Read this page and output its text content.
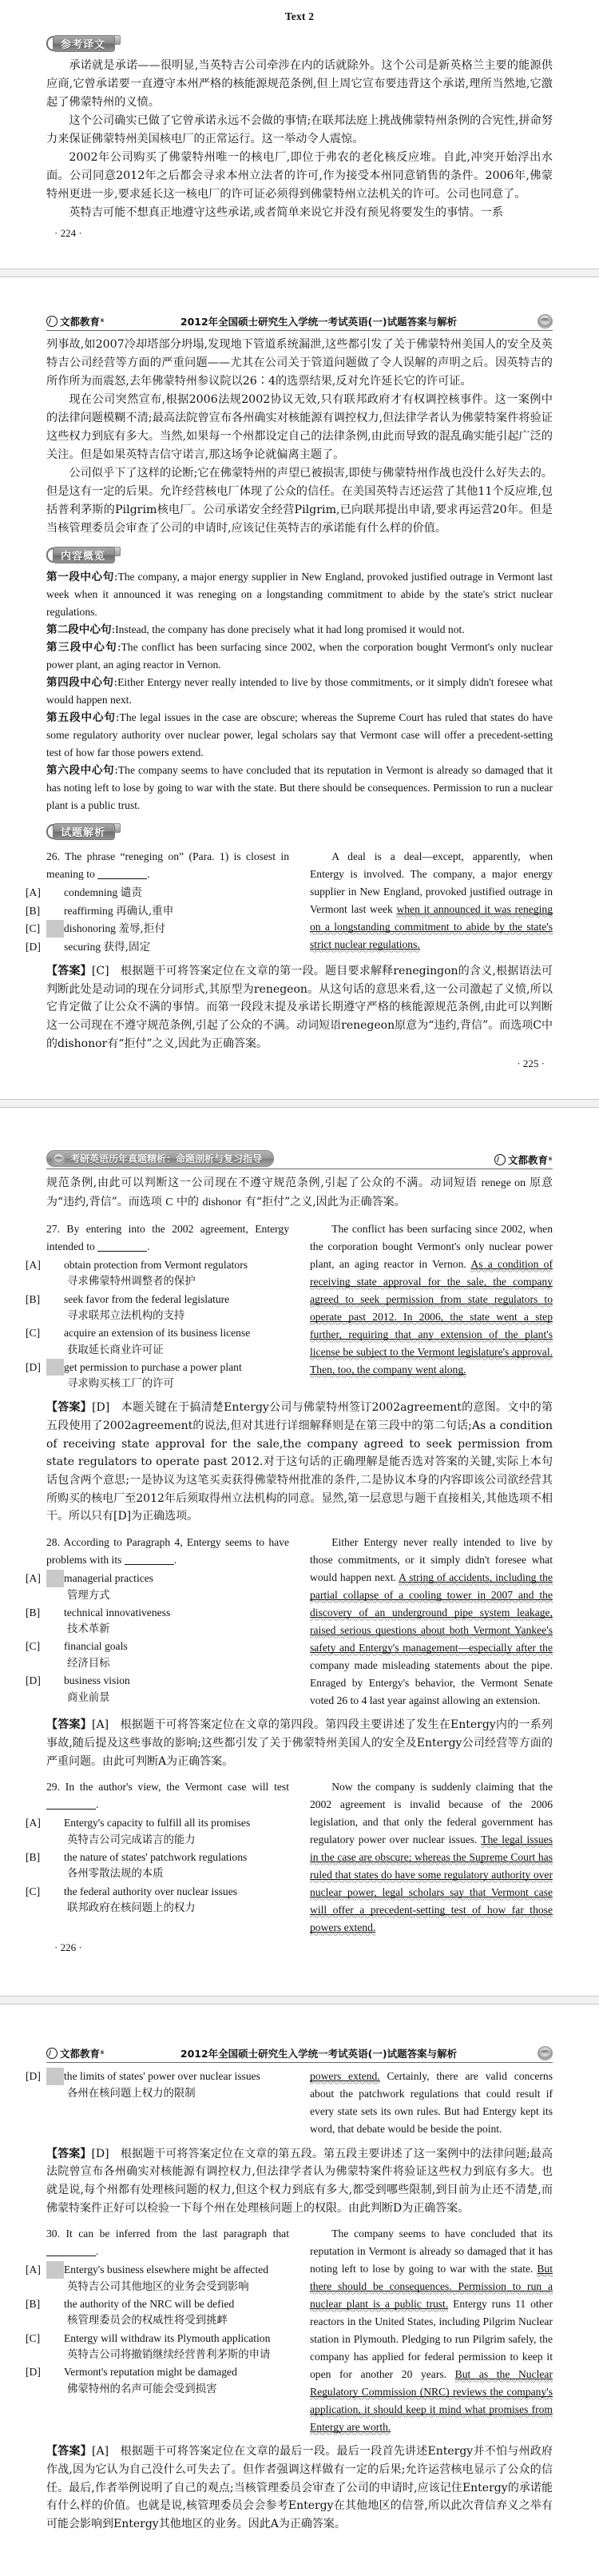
Text 2
参考译文

承诺就是承诺——很明显,当英特吉公司牵涉在内的话就除外。这个公司是新英格兰主要的能源供应商,它曾承诺要一直遵守本州严格的核能源规范条例,但上周它宣布要违背这个承诺,理所当然地,它激起了佛蒙特州的义愤。

这个公司确实已做了它曾承诺永远不会做的事情;在联邦法庭上挑战佛蒙特州条例的合宪性,拼命努力来保证佛蒙特州美国核电厂的正常运行。这一举动令人震惊。

2002年公司购买了佛蒙特州唯一的核电厂,即位于弗农的老化核反应堆。自此,冲突开始浮出水面。公司同意2012年之后都会寻求本州立法者的许可,作为接受本州同意销售的条件。2006年,佛蒙特州更进一步,要求延长这一核电厂的许可证必须得到佛蒙特州立法机关的许可。公司也同意了。

英特吉可能不想真正地遵守这些承诺,或者简单来说它并没有预见将要发生的事情。一系

· 224 ·
文都教育 ®	2012年全国硕士研究生入学统一考试英语(一)试题答案与解析

列事故,如2007冷却塔部分坍塌,发现地下管道系统漏泄,这些都引发了关于佛蒙特州美国人的安全及英特吉公司经营等方面的严重问题——尤其在公司关于管道问题做了令人误解的声明之后。因英特吉的所作所为而震怒,去年佛蒙特州参议院以26∶4的选票结果,反对允许延长它的许可证。

现在公司突然宣布,根据2006法规2002协议无效,只有联邦政府才有权调控核事件。这一案例中的法律问题模糊不清;最高法院曾宣布各州确实对核能源有调控权力,但法律学者认为佛蒙特案件将验证这些权力到底有多大。当然,如果每一个州都设定自己的法律条例,由此而导致的混乱确实能引起广泛的关注。但是如果英特吉信守诺言,那这场争论就偏离主题了。

公司似乎下了这样的论断;它在佛蒙特州的声望已被损害,即使与佛蒙特州作战也没什么好失去的。但是这有一定的后果。允许经营核电厂体现了公众的信任。在美国英特吉还运营了其他11个反应堆,包括普利茅斯的Pilgrim核电厂。公司承诺安全经营Pilgrim,已向联邦提出申请,要求再运营20年。但是当核管理委员会审查了公司的申请时,应该记住英特吉的承诺能有什么样的价值。

内容概览

第一段中心句:The company, a major energy supplier in New England, provoked justified outrage in Vermont last week when it announced it was reneging on a longstanding commitment to abide by the state's strict nuclear regulations.

第二段中心句:Instead, the company has done precisely what it had long promised it would not.

第三段中心句:The conflict has been surfacing since 2002, when the corporation bought Vermont's only nuclear power plant, an aging reactor in Vernon.

第四段中心句:Either Entergy never really intended to live by those commitments, or it simply didn't foresee what would happen next.

第五段中心句:The legal issues in the case are obscure; whereas the Supreme Court has ruled that states do have some regulatory authority over nuclear power, legal scholars say that Vermont case will offer a precedent-setting test of how far those powers extend.

第六段中心句:The company seems to have concluded that its reputation in Vermont is already so damaged that it has noting left to lose by going to war with the state. But there should be consequences. Permission to run a nuclear plant is a public trust.

试题解析

26. The phrase “reneging on” (Para. 1) is closest in meaning to	.

[A] condemning 谴责

[B] reaffirming 再确认,重申

[C] dishonoring 羞辱,拒付

[D] securing 获得,固定

A deal is a deal—except, apparently, when Entergy is involved. The company, a major energy supplier in New England, provoked justified outrage in Vermont last week when it announced it was reneging on a longstanding commitment to abide by the state's strict nuclear regulations.

【答案】[C]　根据题干可将答案定位在文章的第一段。题目要求解释renegingon的含义,根据语法可判断此处是动词的现在分词形式,其原型为renegeon。从这句话的意思来看,这一公司激起了义愤,所以它肯定做了让公众不满的事情。而第一段段末提及承诺长期遵守严格的核能源规范条例,由此可以判断这一公司现在不遵守规范条例,引起了公众的不满。动词短语renegeon原意为“违约,背信”。而选项C中的dishonor有“拒付”之义,因此为正确答案。

· 225 ·
考研英语历年真题精析：命题剖析与复习指导	文都教育 ®

规范条例,由此可以判断这一公司现在不遵守规范条例,引起了公众的不满。动词短语 renege on 原意为“违约,背信”。而选项 C 中的 dishonor 有“拒付”之义,因此为正确答案。

27. By entering into the 2002 agreement, Entergy intended to	.

[A] obtain protection from Vermont regulators

寻求佛蒙特州调整者的保护

[B] seek favor from the federal legislature

寻求联邦立法机构的支持

[C] acquire an extension of its business license

获取延长商业许可证

[D] get permission to purchase a power plant

寻求购买核工厂的许可

The conflict has been surfacing since 2002, when the corporation bought Vermont's only nuclear power plant, an aging reactor in Vernon. As a condition of receiving state approval for the sale, the company agreed to seek permission from state regulators to operate past 2012. In 2006, the state went a step further, requiring that any extension of the plant's license be subject to the Vermont legislature's approval. Then, too, the company went along.

【答案】[D]　本题关键在于搞清楚Entergy公司与佛蒙特州签订2002agreement的意图。文中的第五段使用了2002agreement的说法,但对其进行详细解释则是在第三段中的第二句话;As a condition of receiving state approval for the sale,the company agreed to seek permission from state regulators to operate past 2012.对于这句话的正确理解是能否选对答案的关键,实际上本句话包含两个意思;一是协议为这笔买卖获得佛蒙特州批准的条件,二是协议本身的内容即该公司欲经营其所购买的核电厂至2012年后须取得州立法机构的同意。显然,第一层意思与题干直接相关,其他选项不相干。所以只有[D]为正确选项。

28. According to Paragraph 4, Entergy seems to have problems with its	.

[A] managerial practices

管理方式

[B] technical innovativeness

技术革新

[C] financial goals

经济目标

[D] business vision

商业前景

Either Entergy never really intended to live by those commitments, or it simply didn't foresee what would happen next. A string of accidents, including the partial collapse of a cooling tower in 2007 and the discovery of an underground pipe system leakage, raised serious questions about both Vermont Yankee's safety and Entergy's management—especially after the company made misleading statements about the pipe. Enraged by Entergy's behavior, the Vermont Senate voted 26 to 4 last year against allowing an extension.

【答案】[A]　根据题干可将答案定位在文章的第四段。第四段主要讲述了发生在Entergy内的一系列事故,随后提及这些事故的影响;这些都引发了关于佛蒙特州美国人的安全及Entergy公司经营等方面的严重问题。由此可判断A为正确答案。

29. In the author's view, the Vermont case will test .

[A] Entergy's capacity to fulfill all its promises

英特吉公司完成诺言的能力

[B] the nature of states' patchwork regulations

各州零散法规的本质

[C] the federal authority over nuclear issues

联邦政府在核问题上的权力

Now the company is suddenly claiming that the 2002 agreement is invalid because of the 2006 legislation, and that only the federal government has regulatory power over nuclear issues. The legal issues in the case are obscure; whereas the Supreme Court has ruled that states do have some regulatory authority over nuclear power, legal scholars say that Vermont case will offer a precedent-setting test of how far those powers extend.

· 226 ·
文都教育 ®	2012年全国硕士研究生入学统一考试英语(一)试题答案与解析

[D] the limits of states' power over nuclear issues

各州在核问题上权力的限制

powers extend. Certainly, there are valid concerns about the patchwork regulations that could result if every state sets its own rules. But had Entergy kept its word, that debate would be beside the point.

【答案】[D]　根据题干可将答案定位在文章的第五段。第五段主要讲述了这一案例中的法律问题;最高法院曾宣布各州确实对核能源有调控权力,但法律学者认为佛蒙特案件将验证这些权力到底有多大。也就是说,每个州都有处理核问题的权力,但这个权力到底有多大,都受到哪些限制,到目前为止还不清楚,而佛蒙特案件正好可以检验一下每个州在处理核问题上的权限。由此判断D为正确答案。

30. It can be inferred from the last paragraph that .

[A] Entergy's business elsewhere might be affected

英特吉公司其他地区的业务会受到影响

[B] the authority of the NRC will be defied

核管理委员会的权威性将受到挑衅

[C] Entergy will withdraw its Plymouth application

英特吉公司将撤销继续经营普利茅斯的申请

[D] Vermont's reputation might be damaged

佛蒙特州的名声可能会受到损害

The company seems to have concluded that its reputation in Vermont is already so damaged that it has noting left to lose by going to war with the state. But there should be consequences. Permission to run a nuclear plant is a public trust. Entergy runs 11 other reactors in the United States, including Pilgrim Nuclear station in Plymouth. Pledging to run Pilgrim safely, the company has applied for federal permission to keep it open for another 20 years. But as the Nuclear Regulatory Commission (NRC) reviews the company's application, it should keep it mind what promises from Entergy are worth.

【答案】[A]　根据题干可将答案定位在文章的最后一段。最后一段首先讲述Entergy并不怕与州政府作战,因为它认为自己没什么可失去了。但作者强调这样做有一定的后果;允许运营核电显示了公众的信任。最后,作者举例说明了自己的观点;当核管理委员会审查了公司的申请时,应该记住Entergy的承诺能有什么样的价值。也就是说,核管理委员会会参考Entergy在其他地区的信誉,所以此次背信弃义之举有可能会影响到Entergy其他地区的业务。因此A为正确答案。
